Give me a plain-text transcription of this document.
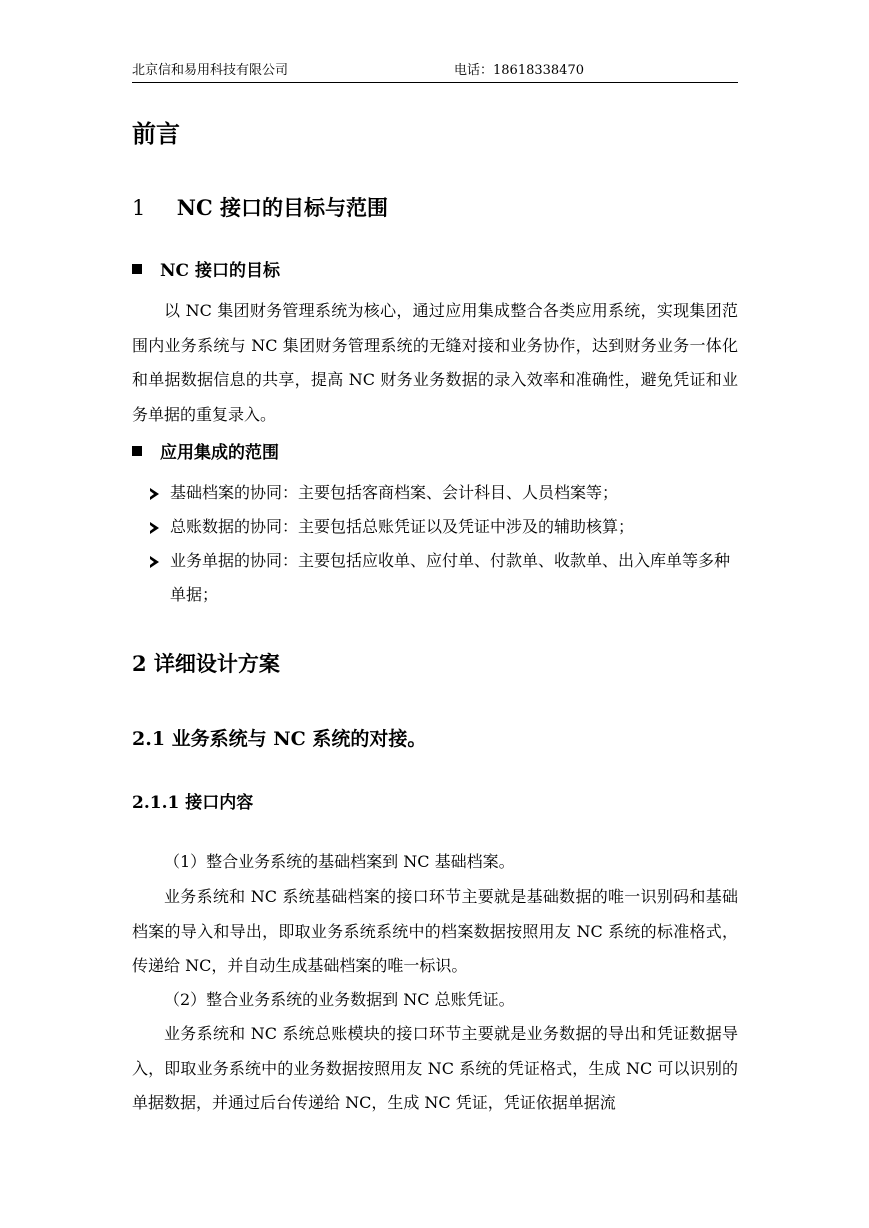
北京信和易用科技有限公司	电话：18618338470
前言
1 NC 接口的目标与范围
NC 接口的目标

以 NC 集团财务管理系统为核心，通过应用集成整合各类应用系统，实现集团范围内业务系统与 NC 集团财务管理系统的无缝对接和业务协作，达到财务业务一体化和单据数据信息的共享，提高 NC 财务业务数据的录入效率和准确性，避免凭证和业务单据的重复录入。

应用集成的范围
基础档案的协同：主要包括客商档案、会计科目、人员档案等；
总账数据的协同：主要包括总账凭证以及凭证中涉及的辅助核算；
业务单据的协同：主要包括应收单、应付单、付款单、收款单、出入库单等多种单据；
2 详细设计方案
2.1 业务系统与 NC 系统的对接。
2.1.1 接口内容

（1）整合业务系统的基础档案到 NC 基础档案。

业务系统和 NC 系统基础档案的接口环节主要就是基础数据的唯一识别码和基础档案的导入和导出，即取业务系统系统中的档案数据按照用友 NC 系统的标准格式，传递给 NC，并自动生成基础档案的唯一标识。

（2）整合业务系统的业务数据到 NC 总账凭证。

业务系统和 NC 系统总账模块的接口环节主要就是业务数据的导出和凭证数据导入，即取业务系统中的业务数据按照用友 NC 系统的凭证格式，生成 NC 可以识别的单据数据，并通过后台传递给 NC，生成 NC 凭证，凭证依据单据流
